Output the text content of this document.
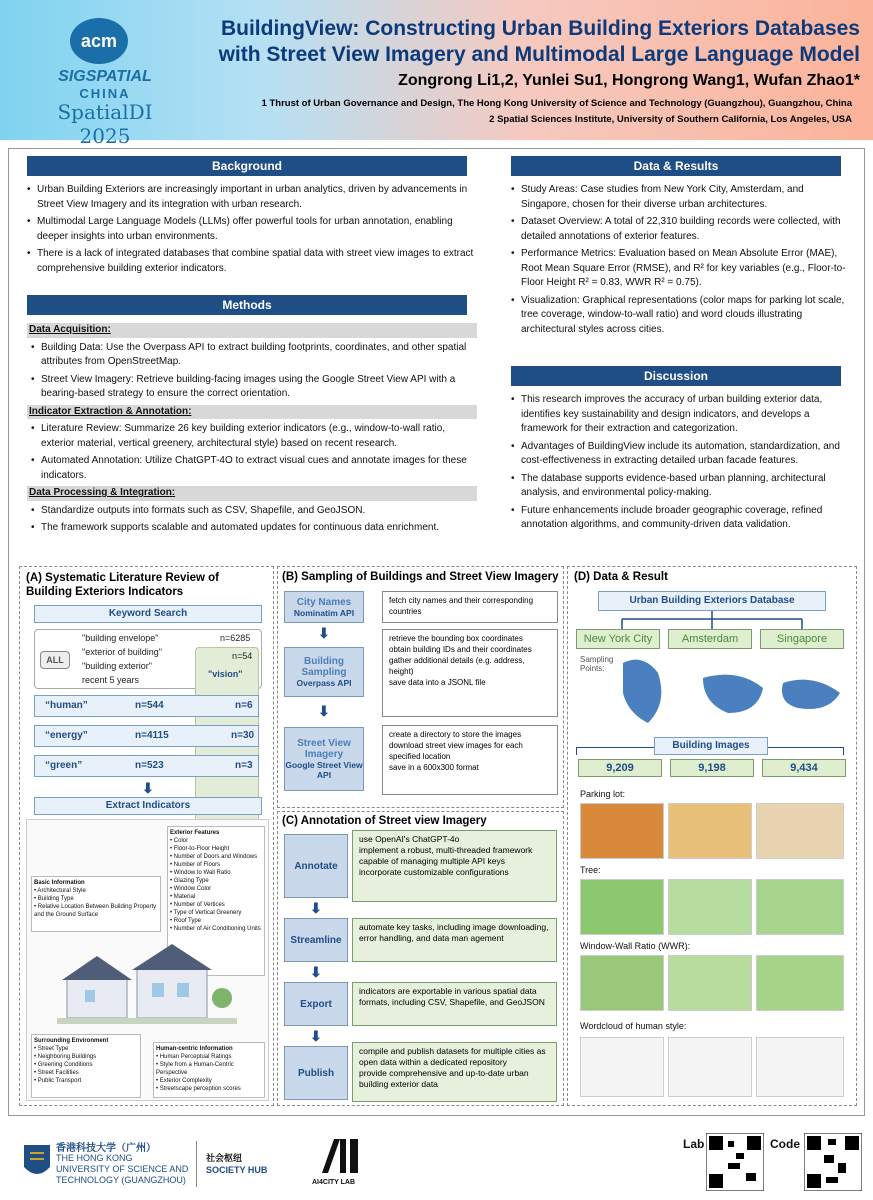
acm
SIGSPATIAL
CHINA
SpatialDI 2025
BuildingView: Constructing Urban Building Exteriors Databases
with Street View Imagery and Multimodal Large Language Model
Zongrong Li1,2, Yunlei Su1, Hongrong Wang1, Wufan Zhao1*
1 Thrust of Urban Governance and Design, The Hong Kong University of Science and Technology (Guangzhou), Guangzhou, China
2 Spatial Sciences Institute, University of Southern California, Los Angeles, USA
Background
• Urban Building Exteriors are increasingly important in urban analytics, driven by advancements in Street View Imagery and its integration with urban research.
• Multimodal Large Language Models (LLMs) offer powerful tools for urban annotation, enabling deeper insights into urban environments.
• There is a lack of integrated databases that combine spatial data with street view images to extract comprehensive building exterior indicators.
Methods
Data Acquisition:
• Building Data: Use the Overpass API to extract building footprints, coordinates, and other spatial attributes from OpenStreetMap.
• Street View Imagery: Retrieve building-facing images using the Google Street View API with a bearing-based strategy to ensure the correct orientation.
Indicator Extraction & Annotation:
• Literature Review: Summarize 26 key building exterior indicators (e.g., window-to-wall ratio, exterior material, vertical greenery, architectural style) based on recent research.
• Automated Annotation: Utilize ChatGPT-4O to extract visual cues and annotate images for these indicators.
Data Processing & Integration:
• Standardize outputs into formats such as CSV, Shapefile, and GeoJSON.
• The framework supports scalable and automated updates for continuous data enrichment.
Data & Results
• Study Areas: Case studies from New York City, Amsterdam, and Singapore, chosen for their diverse urban architectures.
• Dataset Overview: A total of 22,310 building records were collected, with detailed annotations of exterior features.
• Performance Metrics: Evaluation based on Mean Absolute Error (MAE), Root Mean Square Error (RMSE), and R² for key variables (e.g., Floor-to-Floor Height R² = 0.83, WWR R² = 0.75).
• Visualization: Graphical representations (color maps for parking lot scale, tree coverage, window-to-wall ratio) and word clouds illustrating architectural styles across cities.
Discussion
• This research improves the accuracy of urban building exterior data, identifies key sustainability and design indicators, and develops a framework for their extraction and categorization.
• Advantages of BuildingView include its automation, standardization, and cost-effectiveness in extracting detailed urban facade features.
• The database supports evidence-based urban planning, architectural analysis, and environmental policy-making.
• Future enhancements include broader geographic coverage, refined annotation algorithms, and community-driven data validation.
(A) Systematic Literature Review of Building Exteriors Indicators
Keyword Search
ALL
"building envelope"	n=6285
"exterior of building"
"building exterior"
recent 5 years
n=54
"vision"
“human”	n=544	n=6
“energy”	n=4115	n=30
“green”	n=523	n=3
⬇
Extract Indicators
Exterior Features
• Color
• Floor-to-Floor Height
• Number of Doors and Windows
• Number of Floors
• Window to Wall Ratio
• Glazing Type
• Window Color
• Material
• Number of Vertices
• Type of Vertical Greenery
• Roof Type
• Number of Air Conditioning Units
Basic Information
• Architectural Style
• Building Type
• Relative Location Between Building Property and the Ground Surface
Surrounding Environment
• Street Type
• Neighboring Buildings
• Greening Conditions
• Street Facilities
• Public Transport
Human-centric Information
• Human Perceptual Ratings
• Style from a Human-Centric Perspective
• Exterior Complexity
• Streetscape perception scores
(B) Sampling of Buildings and Street View Imagery
City Names
Nominatim API
fetch city names and their corresponding countries
⬇
Building Sampling
Overpass API
retrieve the bounding box coordinates
obtain building IDs and their coordinates
gather additional details (e.g. address, height)
save data into a JSONL file
⬇
Street View Imagery
Google Street View API
create a directory to store the images
download street view images for each specified location
save in a 600x300 format
(C) Annotation of Street view Imagery
Annotate
use OpenAI's ChatGPT-4o
implement a robust, multi-threaded framework capable of managing multiple API keys
incorporate customizable configurations
⬇
Streamline
automate key tasks, including image downloading, error handling, and data man agement
⬇
Export
indicators are exportable in various spatial data formats, including CSV, Shapefile, and GeoJSON
⬇
Publish
compile and publish datasets for multiple cities as open data within a dedicated repository
provide comprehensive and up-to-date urban building exterior data
(D) Data & Result
Urban Building Exteriors Database
New York City	Amsterdam	Singapore
Sampling Points:
Building Images
9,209	9,198	9,434
Parking lot:
Tree:
Window-Wall Ratio (WWR):
Wordcloud of human style:
香港科技大学（广州）
THE HONG KONG
UNIVERSITY OF SCIENCE AND
TECHNOLOGY (GUANGZHOU)
社会枢纽
SOCIETY HUB
AI4CITY LAB
Lab	Code
